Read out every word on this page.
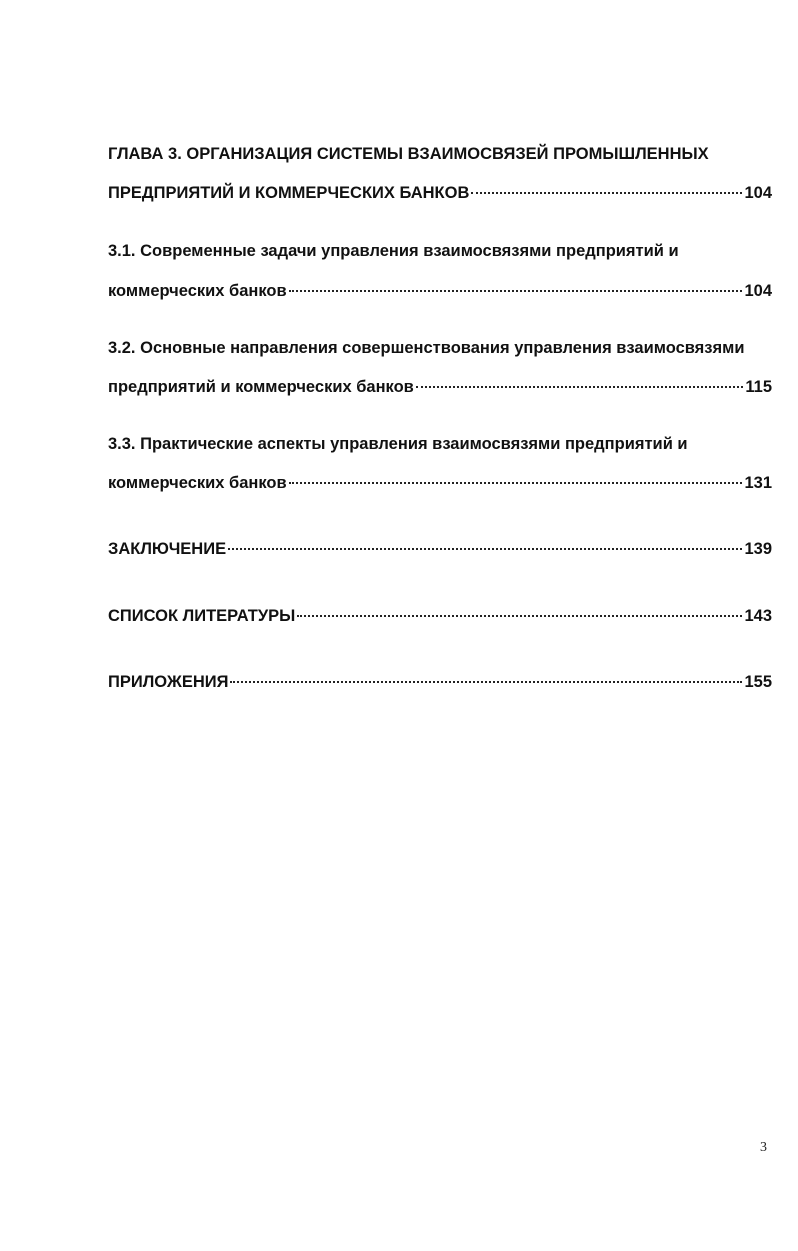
ГЛАВА 3. ОРГАНИЗАЦИЯ СИСТЕМЫ ВЗАИМОСВЯЗЕЙ ПРОМЫШЛЕННЫХ
ПРЕДПРИЯТИЙ И КОММЕРЧЕСКИХ БАНКОВ	104
3.1. Современные задачи управления взаимосвязями предприятий и
коммерческих банков	104
3.2. Основные направления совершенствования управления взаимосвязями
предприятий и коммерческих банков	115
3.3. Практические аспекты управления взаимосвязями предприятий и
коммерческих банков	131
ЗАКЛЮЧЕНИЕ	139
СПИСОК ЛИТЕРАТУРЫ	143
ПРИЛОЖЕНИЯ	155
3
